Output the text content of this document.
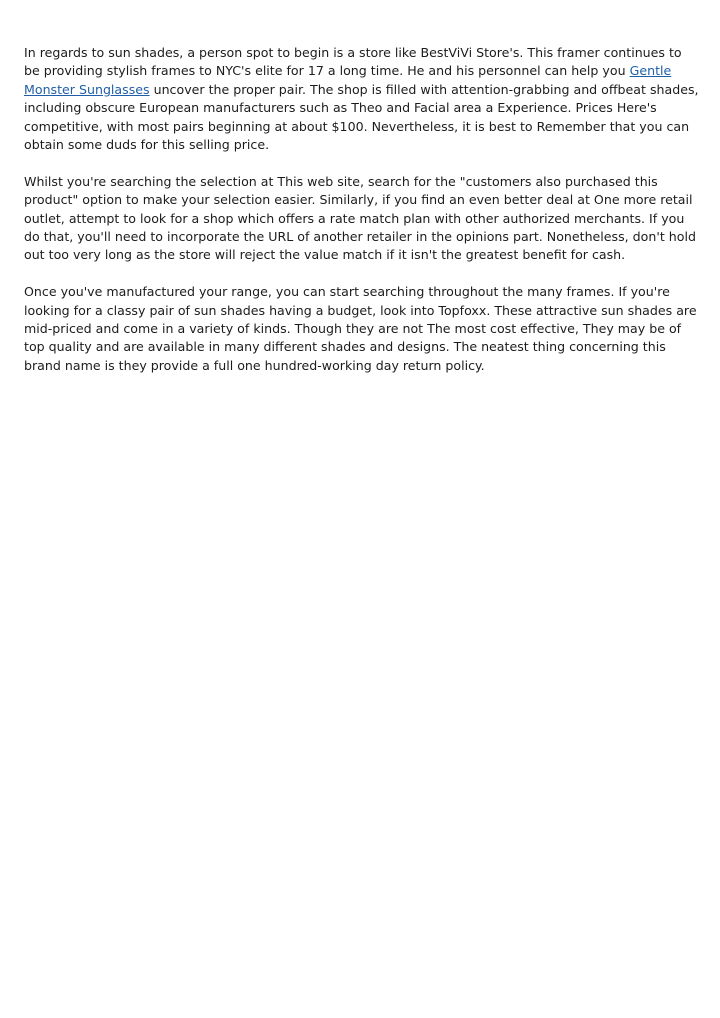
In regards to sun shades, a person spot to begin is a store like BestViVi Store's. This framer continues to be providing stylish frames to NYC's elite for 17 a long time. He and his personnel can help you Gentle Monster Sunglasses uncover the proper pair. The shop is filled with attention-grabbing and offbeat shades, including obscure European manufacturers such as Theo and Facial area a Experience. Prices Here's competitive, with most pairs beginning at about $100. Nevertheless, it is best to Remember that you can obtain some duds for this selling price.

Whilst you're searching the selection at This web site, search for the "customers also purchased this product" option to make your selection easier. Similarly, if you find an even better deal at One more retail outlet, attempt to look for a shop which offers a rate match plan with other authorized merchants. If you do that, you'll need to incorporate the URL of another retailer in the opinions part. Nonetheless, don't hold out too very long as the store will reject the value match if it isn't the greatest benefit for cash.

Once you've manufactured your range, you can start searching throughout the many frames. If you're looking for a classy pair of sun shades having a budget, look into Topfoxx. These attractive sun shades are mid-priced and come in a variety of kinds. Though they are not The most cost effective, They may be of top quality and are available in many different shades and designs. The neatest thing concerning this brand name is they provide a full one hundred-working day return policy.
